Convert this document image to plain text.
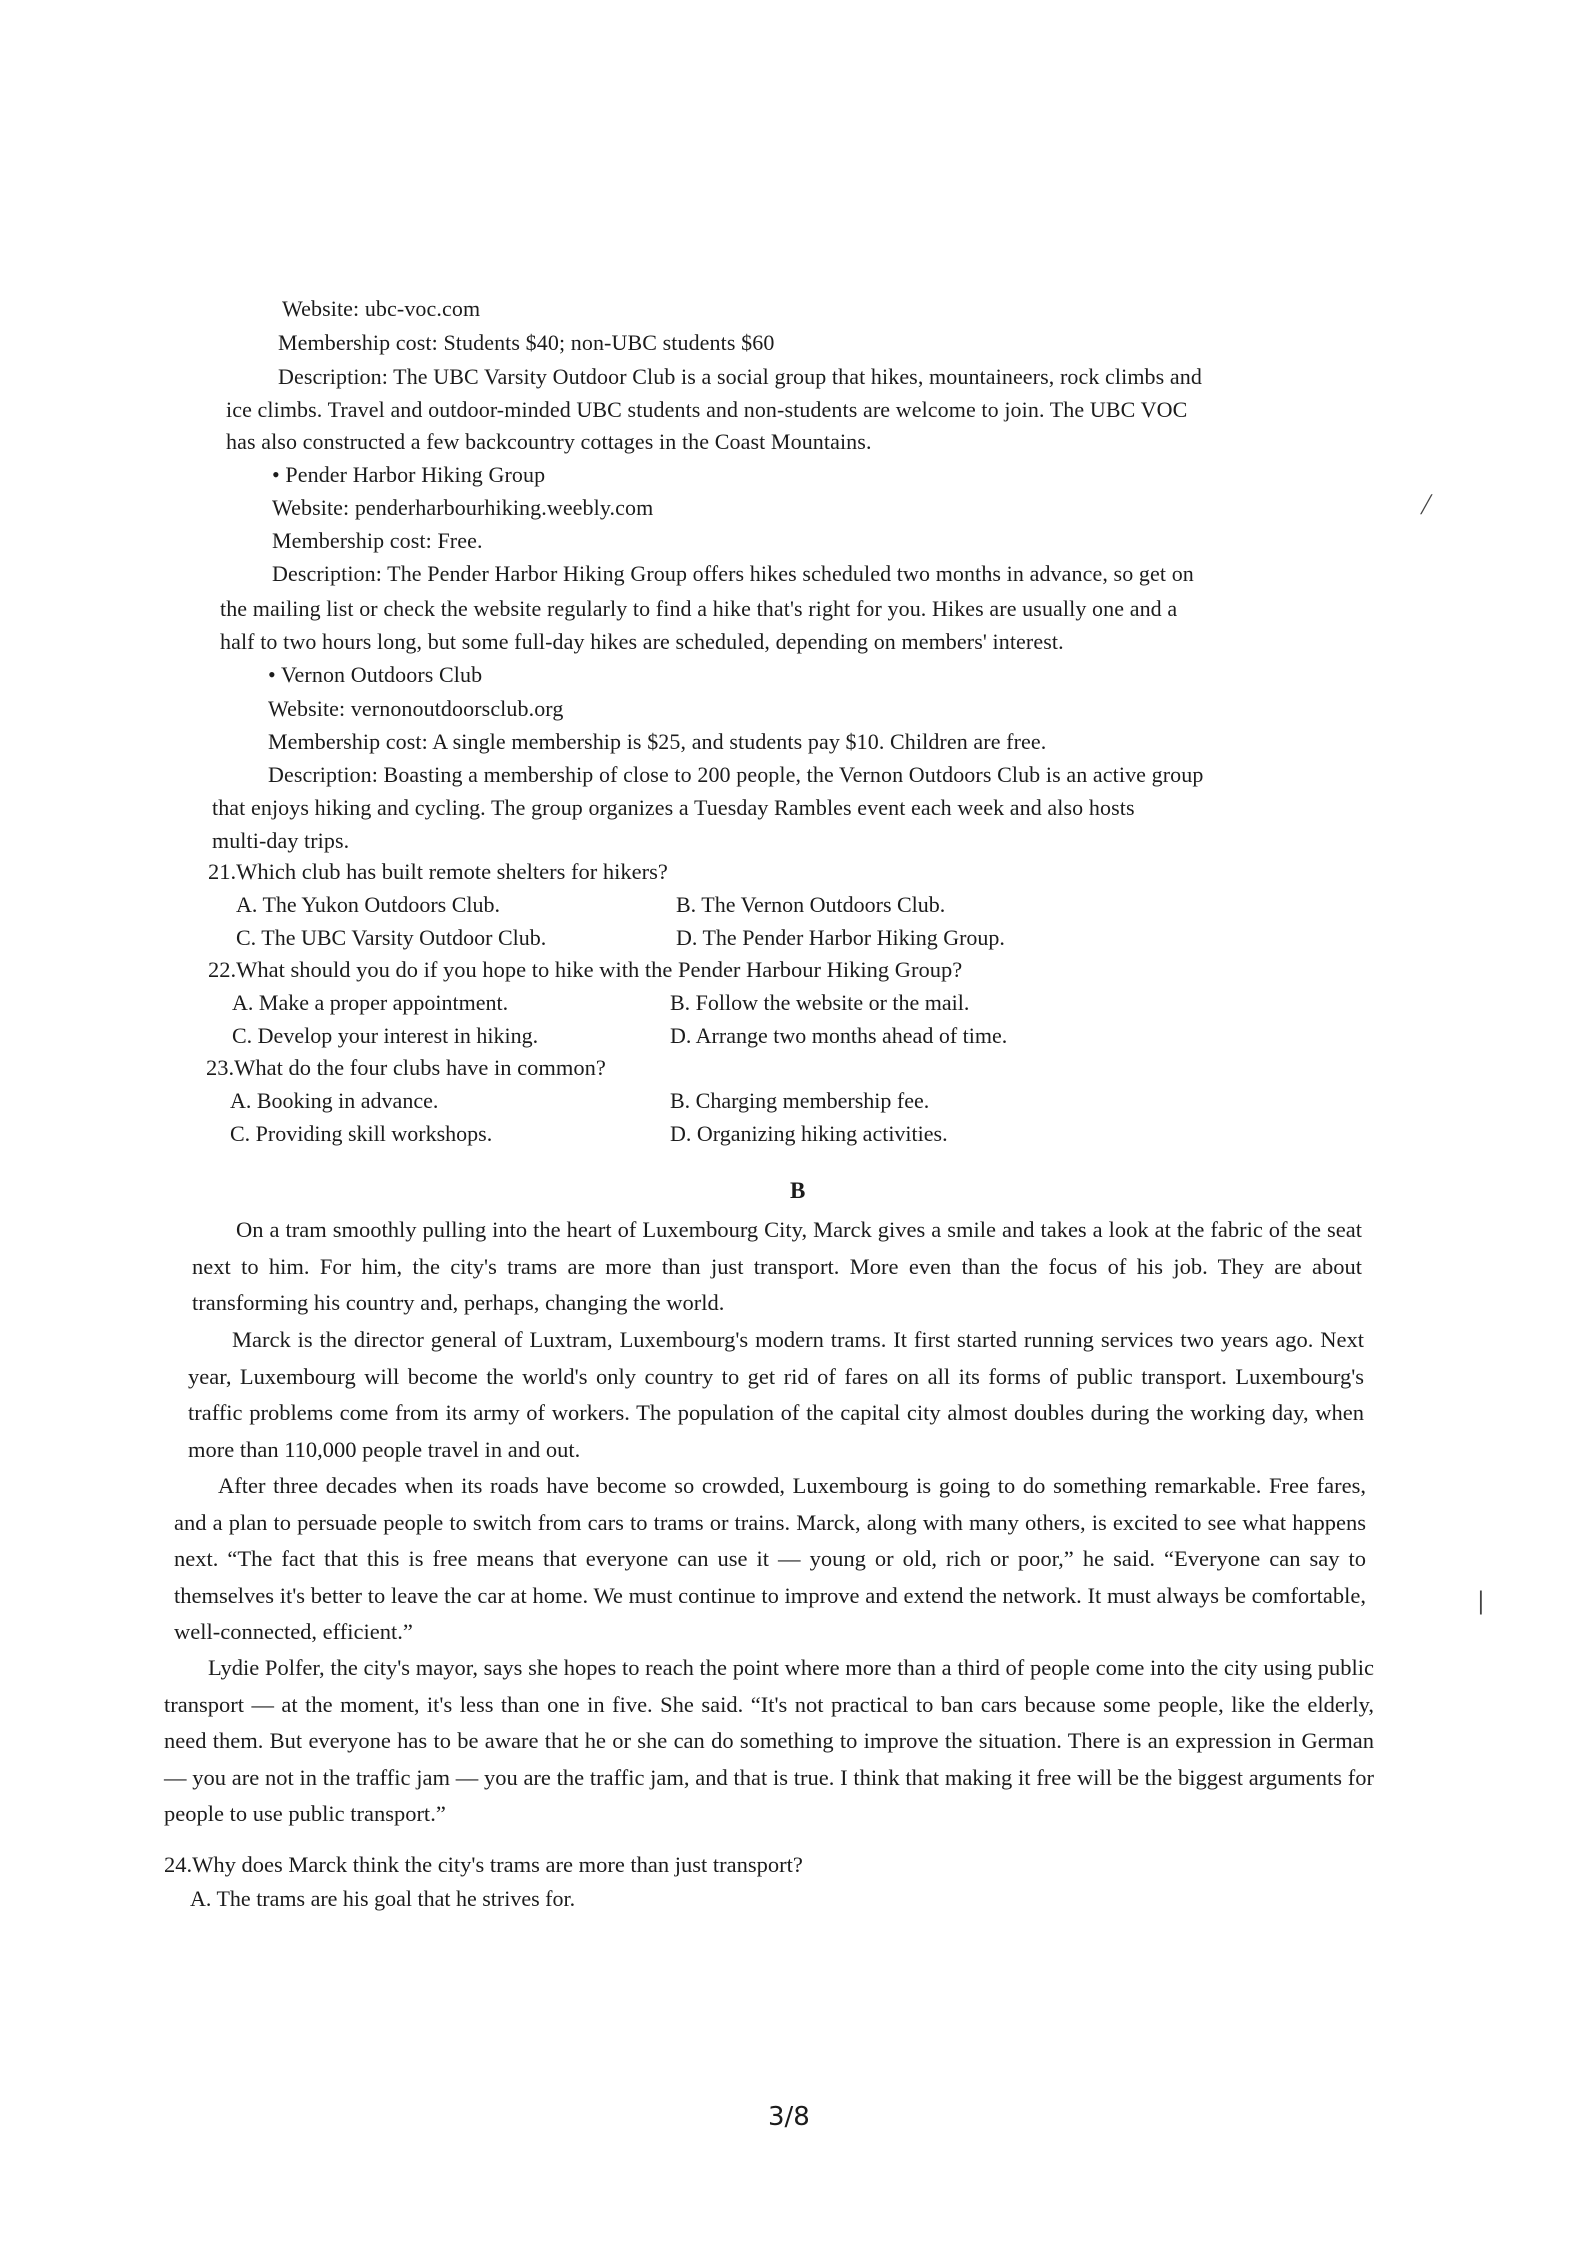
Website: ubc-voc.com
Membership cost: Students $40; non-UBC students $60
Description: The UBC Varsity Outdoor Club is a social group that hikes, mountaineers, rock climbs and
ice climbs. Travel and outdoor-minded UBC students and non-students are welcome to join. The UBC VOC
has also constructed a few backcountry cottages in the Coast Mountains.
• Pender Harbor Hiking Group
Website: penderharbourhiking.weebly.com
Membership cost: Free.
Description: The Pender Harbor Hiking Group offers hikes scheduled two months in advance, so get on
the mailing list or check the website regularly to find a hike that's right for you. Hikes are usually one and a
half to two hours long, but some full-day hikes are scheduled, depending on members' interest.
• Vernon Outdoors Club
Website: vernonoutdoorsclub.org
Membership cost: A single membership is $25, and students pay $10. Children are free.
Description: Boasting a membership of close to 200 people, the Vernon Outdoors Club is an active group
that enjoys hiking and cycling. The group organizes a Tuesday Rambles event each week and also hosts
multi-day trips.
21.Which club has built remote shelters for hikers?
A. The Yukon Outdoors Club.	B. The Vernon Outdoors Club.
C. The UBC Varsity Outdoor Club.	D. The Pender Harbor Hiking Group.
22.What should you do if you hope to hike with the Pender Harbour Hiking Group?
A. Make a proper appointment.	B. Follow the website or the mail.
C. Develop your interest in hiking.	D. Arrange two months ahead of time.
23.What do the four clubs have in common?
A. Booking in advance.	B. Charging membership fee.
C. Providing skill workshops.	D. Organizing hiking activities.
B

On a tram smoothly pulling into the heart of Luxembourg City, Marck gives a smile and takes a look at the fabric of the seat next to him. For him, the city's trams are more than just transport. More even than the focus of his job. They are about transforming his country and, perhaps, changing the world.

Marck is the director general of Luxtram, Luxembourg's modern trams. It first started running services two years ago. Next year, Luxembourg will become the world's only country to get rid of fares on all its forms of public transport. Luxembourg's traffic problems come from its army of workers. The population of the capital city almost doubles during the working day, when more than 110,000 people travel in and out.

After three decades when its roads have become so crowded, Luxembourg is going to do something remarkable. Free fares, and a plan to persuade people to switch from cars to trams or trains. Marck, along with many others, is excited to see what happens next. “The fact that this is free means that everyone can use it — young or old, rich or poor,” he said. “Everyone can say to themselves it's better to leave the car at home. We must continue to improve and extend the network. It must always be comfortable, well-connected, efficient.”

Lydie Polfer, the city's mayor, says she hopes to reach the point where more than a third of people come into the city using public transport — at the moment, it's less than one in five. She said. “It's not practical to ban cars because some people, like the elderly, need them. But everyone has to be aware that he or she can do something to improve the situation. There is an expression in German — you are not in the traffic jam — you are the traffic jam, and that is true. I think that making it free will be the biggest arguments for people to use public transport.”

24.Why does Marck think the city's trams are more than just transport?
A. The trams are his goal that he strives for.
/
|
3/8
